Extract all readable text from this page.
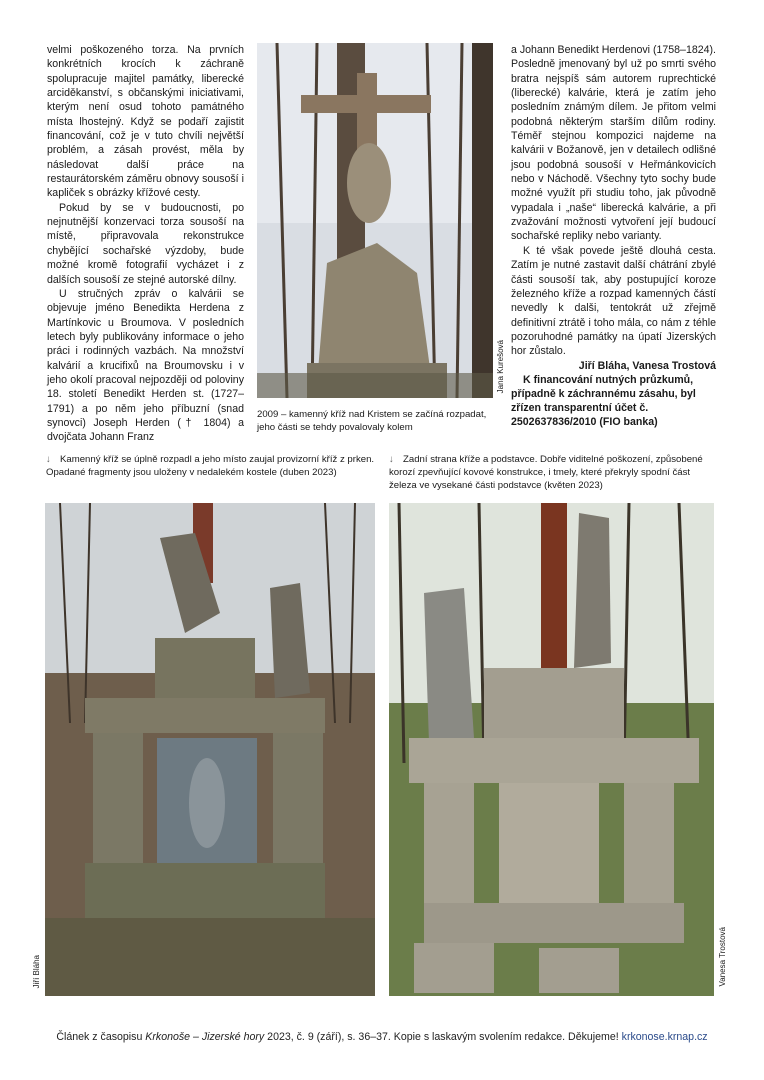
velmi poškozeného torza. Na prvních konkrétních krocích k záchraně spolupracuje majitel památky, liberecké arciděkanství, s občanskými iniciativami, kterým není osud tohoto památného místa lhostejný. Když se podaří zajistit financování, což je v tuto chvíli největší problém, a zásah provést, měla by následovat další práce na restaurátorském záměru obnovy sousoší i kapliček s obrázky křížové cesty.

Pokud by se v budoucnosti, po nejnutnější konzervaci torza sousoší na místě, připravovala rekonstrukce chybějící sochařské výzdoby, bude možné kromě fotografií vycházet i z dalších sousoší ze stejné autorské dílny.

U stručných zpráv o kalvárii se objevuje jméno Benedikta Herdena z Martínkovic u Broumova. V posledních letech byly publikovány informace o jeho práci i rodinných vazbách. Na množství kalvárií a krucifixů na Broumovsku i v jeho okolí pracoval nejpozději od poloviny 18. století Benedikt Herden st. (1727–1791) a po něm jeho příbuzní (snad synovci) Joseph Herden († 1804) a dvojčata Johann Franz

Jana Kurešová

a Johann Benedikt Herdenovi (1758–1824). Posledně jmenovaný byl už po smrti svého bratra nejspíš sám autorem ruprechtické (liberecké) kalvárie, která je zatím jeho posledním známým dílem. Je přitom velmi podobná některým starším dílům rodiny. Téměř stejnou kompozici najdeme na kalvárii v Božanově, jen v detailech odlišné jsou podobná sousoší v Heřmánkovicích nebo v Náchodě. Všechny tyto sochy bude možné využít při studiu toho, jak původně vypadala i „naše“ liberecká kalvárie, a při zvažování možnosti vytvoření její budoucí sochařské repliky nebo varianty.

K té však povede ještě dlouhá cesta. Zatím je nutné zastavit další chátrání zbylé části sousoší tak, aby postupující koroze železného kříže a rozpad kamenných částí nevedly k dalši, tentokrát už zřejmě definitivní ztrátě i toho mála, co nám z téhle pozoruhodné památky na úpatí Jizerských hor zůstalo.

Jiří Bláha, Vanesa Trostová

K financování nutných průzkumů, případně k záchrannému zásahu, byl zřízen transparentní účet č. 2502637836/2010 (FIO banka)

2009 – kamenný kříž nad Kristem se začíná rozpadat, jeho části se tehdy povalovaly kolem
↓ Kamenný kříž se úplně rozpadl a jeho místo zaujal provizorní kříž z prken. Opadané fragmenty jsou uloženy v nedalekém kostele (duben 2023)
↓ Zadní strana kříže a podstavce. Dobře viditelné poškození, způsobené korozí zpevňující kovové konstrukce, i tmely, které překryly spodní část železa ve vysekané části podstavce (květen 2023)
Jiří Bláha	Vanesa Trostová
Článek z časopisu Krkonoše – Jizerské hory 2023, č. 9 (září), s. 36–37. Kopie s laskavým svolením redakce. Děkujeme! krkonose.krnap.cz
